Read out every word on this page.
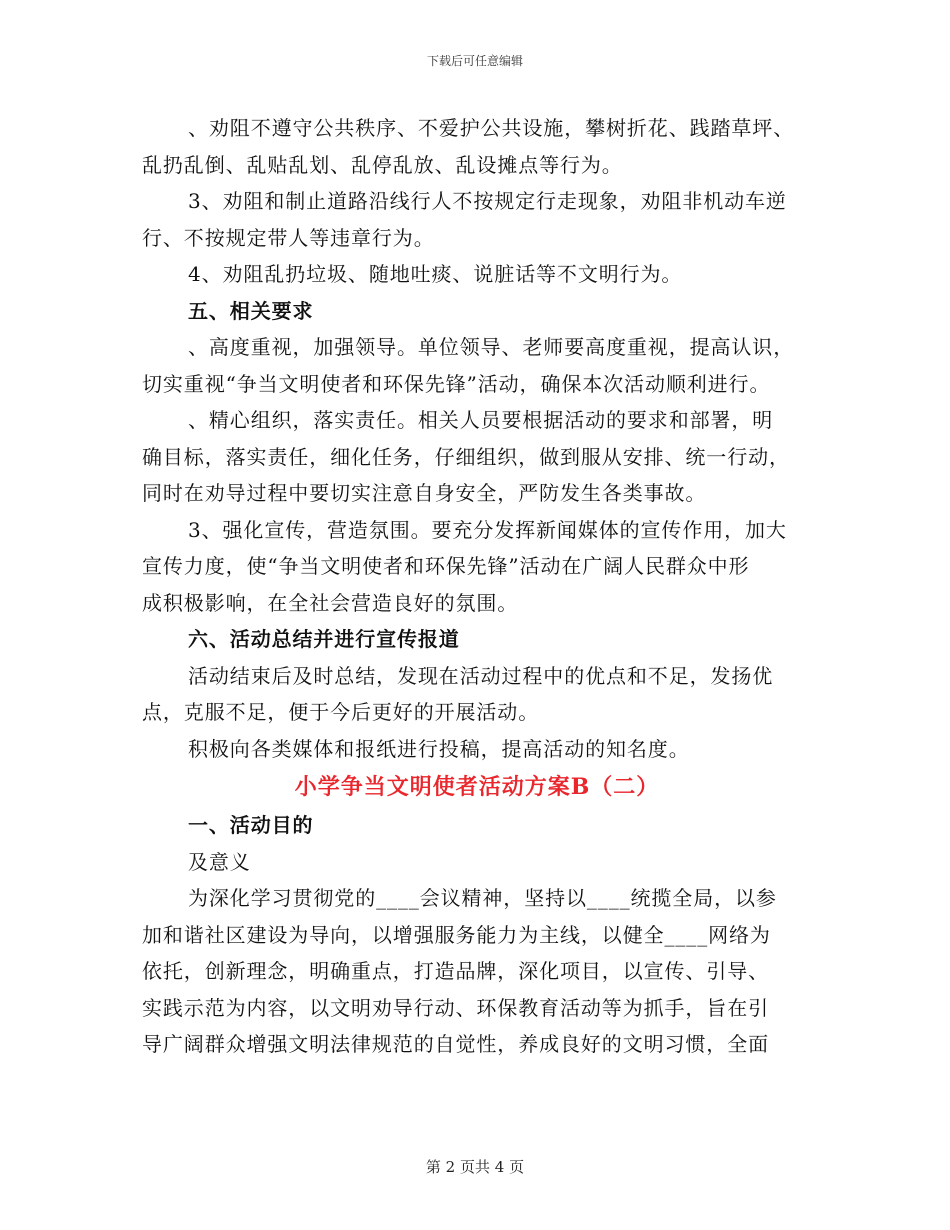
下载后可任意编辑
、劝阻不遵守公共秩序、不爱护公共设施，攀树折花、践踏草坪、
乱扔乱倒、乱贴乱划、乱停乱放、乱设摊点等行为。
3、劝阻和制止道路沿线行人不按规定行走现象，劝阻非机动车逆
行、不按规定带人等违章行为。
4、劝阻乱扔垃圾、随地吐痰、说脏话等不文明行为。
五、相关要求
、高度重视，加强领导。单位领导、老师要高度重视，提高认识，
切实重视“争当文明使者和环保先锋”活动，确保本次活动顺利进行。
、精心组织，落实责任。相关人员要根据活动的要求和部署，明
确目标，落实责任，细化任务，仔细组织，做到服从安排、统一行动，
同时在劝导过程中要切实注意自身安全，严防发生各类事故。
3、强化宣传，营造氛围。要充分发挥新闻媒体的宣传作用，加大
宣传力度，使“争当文明使者和环保先锋”活动在广阔人民群众中形
成积极影响，在全社会营造良好的氛围。
六、活动总结并进行宣传报道
活动结束后及时总结，发现在活动过程中的优点和不足，发扬优
点，克服不足，便于今后更好的开展活动。
积极向各类媒体和报纸进行投稿，提高活动的知名度。
小学争当文明使者活动方案B（二）
一、活动目的
及意义
为深化学习贯彻党的____会议精神，坚持以____统揽全局，以参
加和谐社区建设为导向，以增强服务能力为主线，以健全____网络为
依托，创新理念，明确重点，打造品牌，深化项目，以宣传、引导、
实践示范为内容，以文明劝导行动、环保教育活动等为抓手，旨在引
导广阔群众增强文明法律规范的自觉性，养成良好的文明习惯，全面
第 2 页共 4 页
